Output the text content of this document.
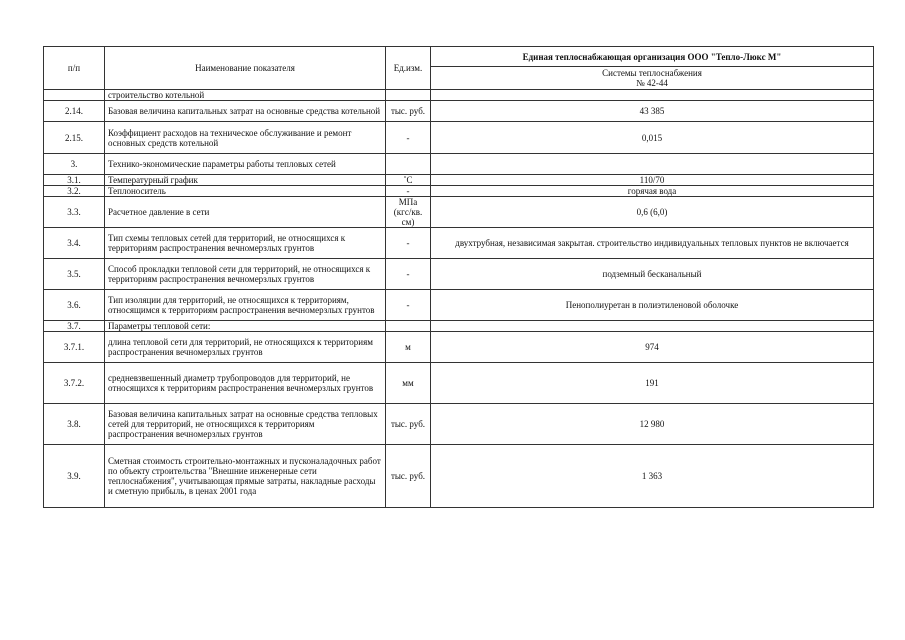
п/п	Наименование показателя	Ед.изм.	Единая теплоснабжающая организация ООО "Тепло-Люкс М"

			Системы теплоснабжения
№ 42-44

	строительство котельной		
2.14.	Базовая величина капитальных затрат на основные средства котельной	тыс. руб.	43 385
2.15.	Коэффициент расходов на техническое обслуживание и ремонт основных средств котельной	-	0,015
3.	Технико-экономические параметры работы тепловых сетей		
3.1.	Температурный график	˚С	110/70
3.2.	Теплоноситель	-	горячая вода
3.3.	Расчетное давление в сети	МПа (кгс/кв. см)	0,6 (6,0)
3.4.	Тип схемы тепловых сетей для территорий, не относящихся к территориям распространения вечномерзлых грунтов	-	двухтрубная, независимая закрытая. строительство индивидуальных тепловых пунктов не включается
3.5.	Способ прокладки тепловой сети для территорий, не относящихся к территориям распространения вечномерзлых грунтов	-	подземный бесканальный
3.6.	Тип изоляции для территорий, не относящихся к территориям, относящимся к территориям распространения вечномерзлых грунтов	-	Пенополиуретан в полиэтиленовой оболочке
3.7.	Параметры тепловой сети:		
3.7.1.	длина тепловой сети для территорий, не относящихся к территориям распространения вечномерзлых грунтов	м	974
3.7.2.	средневзвешенный диаметр трубопроводов для территорий, не относящихся к территориям распространения вечномерзлых грунтов	мм	191
3.8.	Базовая величина капитальных затрат на основные средства тепловых сетей для территорий, не относящихся к территориям распространения вечномерзлых грунтов	тыс. руб.	12 980
3.9.	Сметная стоимость строительно-монтажных и пусконаладочных работ по объекту строительства "Внешние инженерные сети теплоснабжения", учитывающая прямые затраты, накладные расходы и сметную прибыль, в ценах 2001 года	тыс. руб.	1 363
